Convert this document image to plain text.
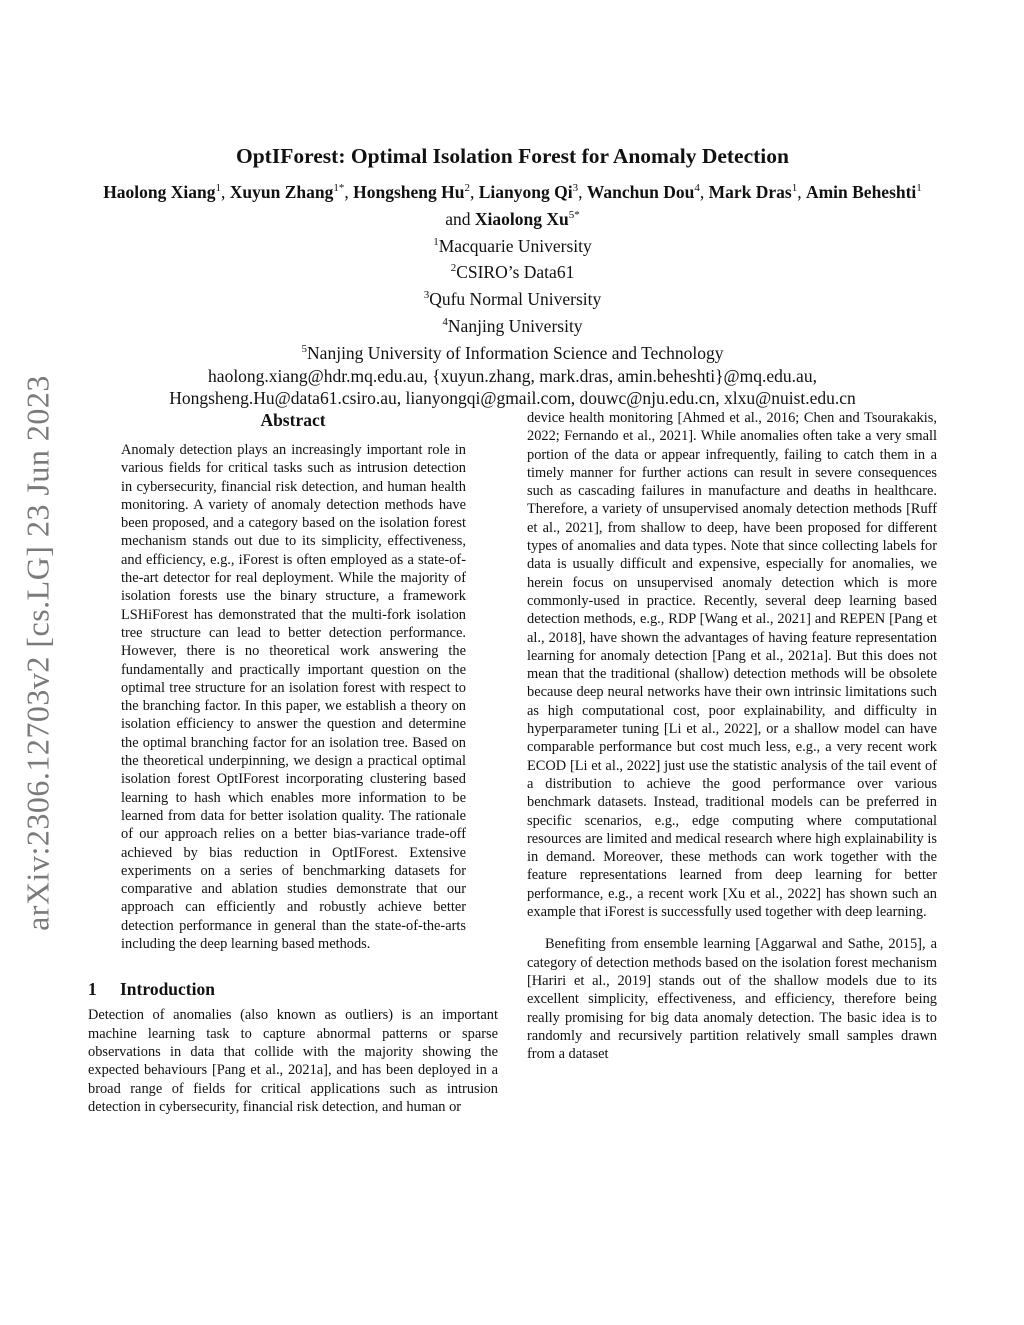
arXiv:2306.12703v2 [cs.LG] 23 Jun 2023
OptIForest: Optimal Isolation Forest for Anomaly Detection
Haolong Xiang$^1$, Xuyun Zhang$^{1*}$, Hongsheng Hu$^2$, Lianyong Qi$^3$, Wanchun Dou$^4$, Mark Dras$^1$, Amin Beheshti$^1$ and Xiaolong $Xu^{5*}$
$^1$Macquarie University
$^2$CSIRO’s Data61
$^3$Qufu Normal University
$^4$Nanjing University
$^5$Nanjing University of Information Science and Technology
haolong.xiang@hdr.mq.edu.au, {xuyun.zhang, mark.dras, amin.beheshti}@mq.edu.au,
Hongsheng.Hu@data61.csiro.au, lianyongqi@gmail.com, douwc@nju.edu.cn, xlxu@nuist.edu.cn
Abstract

Anomaly detection plays an increasingly important role in various fields for critical tasks such as intrusion detection in cybersecurity, financial risk detection, and human health monitoring. A variety of anomaly detection methods have been proposed, and a category based on the isolation forest mechanism stands out due to its simplicity, effectiveness, and efficiency, e.g., iForest is often employed as a state-of-the-art detector for real deployment. While the majority of isolation forests use the binary structure, a framework LSHiForest has demonstrated that the multi-fork isolation tree structure can lead to better detection performance. However, there is no theoretical work answering the fundamentally and practically important question on the optimal tree structure for an isolation forest with respect to the branching factor. In this paper, we establish a theory on isolation efficiency to answer the question and determine the optimal branching factor for an isolation tree. Based on the theoretical underpinning, we design a practical optimal isolation forest OptIForest incorporating clustering based learning to hash which enables more information to be learned from data for better isolation quality. The rationale of our approach relies on a better bias-variance trade-off achieved by bias reduction in OptIForest. Extensive experiments on a series of benchmarking datasets for comparative and ablation studies demonstrate that our approach can efficiently and robustly achieve better detection performance in general than the state-of-the-arts including the deep learning based methods.

1 Introduction

Detection of anomalies (also known as outliers) is an important machine learning task to capture abnormal patterns or sparse observations in data that collide with the majority showing the expected behaviours [Pang et al., 2021a], and has been deployed in a broad range of fields for critical applications such as intrusion detection in cybersecurity, financial risk detection, and human or

device health monitoring [Ahmed et al., 2016; Chen and Tsourakakis, 2022; Fernando et al., 2021]. While anomalies often take a very small portion of the data or appear infrequently, failing to catch them in a timely manner for further actions can result in severe consequences such as cascading failures in manufacture and deaths in healthcare. Therefore, a variety of unsupervised anomaly detection methods [Ruff et al., 2021], from shallow to deep, have been proposed for different types of anomalies and data types. Note that since collecting labels for data is usually difficult and expensive, especially for anomalies, we herein focus on unsupervised anomaly detection which is more commonly-used in practice. Recently, several deep learning based detection methods, e.g., RDP [Wang et al., 2021] and REPEN [Pang et al., 2018], have shown the advantages of having feature representation learning for anomaly detection [Pang et al., 2021a]. But this does not mean that the traditional (shallow) detection methods will be obsolete because deep neural networks have their own intrinsic limitations such as high computational cost, poor explainability, and difficulty in hyperparameter tuning [Li et al., 2022], or a shallow model can have comparable performance but cost much less, e.g., a very recent work ECOD [Li et al., 2022] just use the statistic analysis of the tail event of a distribution to achieve the good performance over various benchmark datasets. Instead, traditional models can be preferred in specific scenarios, e.g., edge computing where computational resources are limited and medical research where high explainability is in demand. Moreover, these methods can work together with the feature representations learned from deep learning for better performance, e.g., a recent work [Xu et al., 2022] has shown such an example that iForest is successfully used together with deep learning.

Benefiting from ensemble learning [Aggarwal and Sathe, 2015], a category of detection methods based on the isolation forest mechanism [Hariri et al., 2019] stands out of the shallow models due to its excellent simplicity, effectiveness, and efficiency, therefore being really promising for big data anomaly detection. The basic idea is to randomly and recursively partition relatively small samples drawn from a dataset
